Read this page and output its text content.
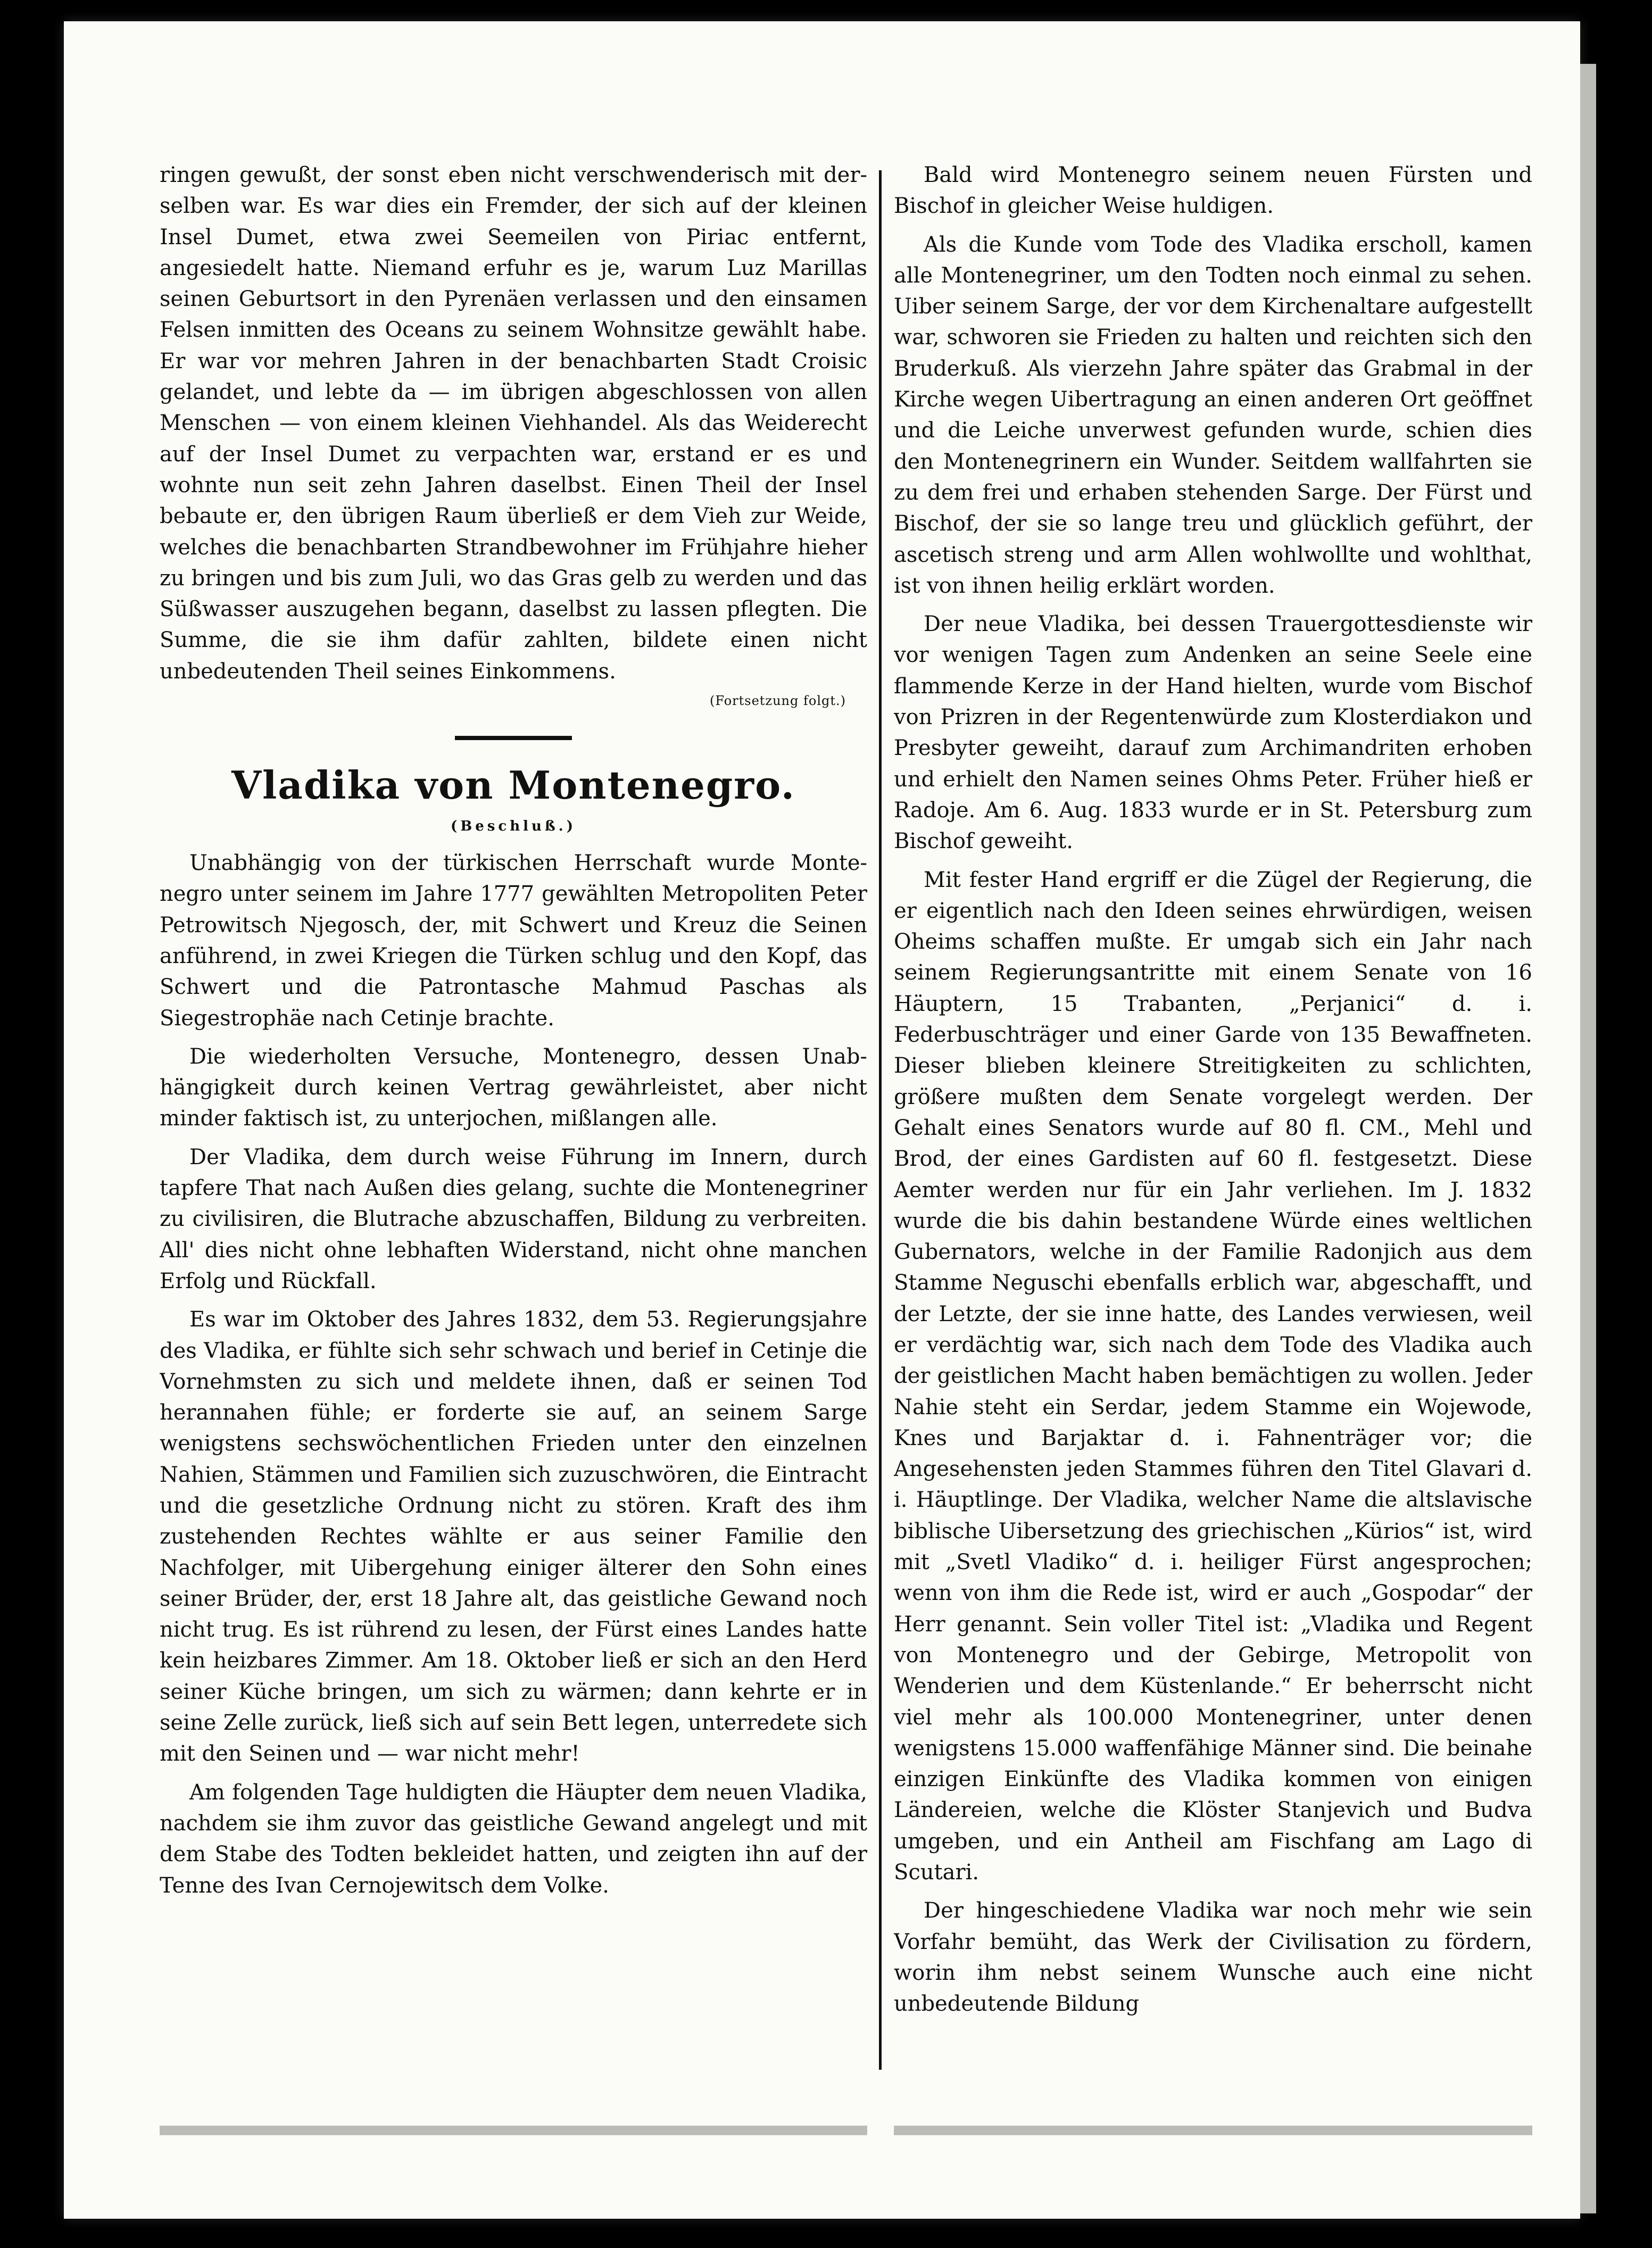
ringen gewußt, der sonst eben nicht verschwenderisch mit derselben war. Es war dies ein Fremder, der sich auf der kleinen Insel Dumet, etwa zwei Seemeilen von Piriac entfernt, angesiedelt hatte. Niemand erfuhr es je, warum Luz Marillas seinen Geburtsort in den Pyrenäen verlassen und den einsamen Felsen inmitten des Oceans zu seinem Wohnsitze gewählt habe. Er war vor mehren Jahren in der benachbarten Stadt Croisic gelandet, und lebte da — im übrigen abgeschlossen von allen Menschen — von einem kleinen Viehhandel. Als das Weiderecht auf der Insel Dumet zu verpachten war, erstand er es und wohnte nun seit zehn Jahren daselbst. Einen Theil der Insel bebaute er, den übrigen Raum überließ er dem Vieh zur Weide, welches die benachbarten Strandbewohner im Frühjahre hieher zu bringen und bis zum Juli, wo das Gras gelb zu werden und das Süßwasser auszugehen begann, daselbst zu lassen pflegten. Die Summe, die sie ihm dafür zahlten, bildete einen nicht unbedeutenden Theil seines Einkommens.

(Fortsetzung folgt.)
Vladika von Montenegro.
(Beschluß.)

Unabhängig von der türkischen Herrschaft wurde Montenegro unter seinem im Jahre 1777 gewählten Metropoliten Peter Petrowitsch Njegosch, der, mit Schwert und Kreuz die Seinen anführend, in zwei Kriegen die Türken schlug und den Kopf, das Schwert und die Patrontasche Mahmud Paschas als Siegestrophäe nach Cetinje brachte.

Die wiederholten Versuche, Montenegro, dessen Unabhängigkeit durch keinen Vertrag gewährleistet, aber nicht minder faktisch ist, zu unterjochen, mißlangen alle.

Der Vladika, dem durch weise Führung im Innern, durch tapfere That nach Außen dies gelang, suchte die Montenegriner zu civilisiren, die Blutrache abzuschaffen, Bildung zu verbreiten. All' dies nicht ohne lebhaften Widerstand, nicht ohne manchen Erfolg und Rückfall.

Es war im Oktober des Jahres 1832, dem 53. Regierungsjahre des Vladika, er fühlte sich sehr schwach und berief in Cetinje die Vornehmsten zu sich und meldete ihnen, daß er seinen Tod herannahen fühle; er forderte sie auf, an seinem Sarge wenigstens sechswöchentlichen Frieden unter den einzelnen Nahien, Stämmen und Familien sich zuzuschwören, die Eintracht und die gesetzliche Ordnung nicht zu stören. Kraft des ihm zustehenden Rechtes wählte er aus seiner Familie den Nachfolger, mit Uibergehung einiger älterer den Sohn eines seiner Brüder, der, erst 18 Jahre alt, das geistliche Gewand noch nicht trug. Es ist rührend zu lesen, der Fürst eines Landes hatte kein heizbares Zimmer. Am 18. Oktober ließ er sich an den Herd seiner Küche bringen, um sich zu wärmen; dann kehrte er in seine Zelle zurück, ließ sich auf sein Bett legen, unterredete sich mit den Seinen und — war nicht mehr!

Am folgenden Tage huldigten die Häupter dem neuen Vladika, nachdem sie ihm zuvor das geistliche Gewand angelegt und mit dem Stabe des Todten bekleidet hatten, und zeigten ihn auf der Tenne des Ivan Cernojewitsch dem Volke.

Bald wird Montenegro seinem neuen Fürsten und Bischof in gleicher Weise huldigen.

Als die Kunde vom Tode des Vladika erscholl, kamen alle Montenegriner, um den Todten noch einmal zu sehen. Uiber seinem Sarge, der vor dem Kirchenaltare aufgestellt war, schworen sie Frieden zu halten und reichten sich den Bruderkuß. Als vierzehn Jahre später das Grabmal in der Kirche wegen Uibertragung an einen anderen Ort geöffnet und die Leiche unverwest gefunden wurde, schien dies den Montenegrinern ein Wunder. Seitdem wallfahrten sie zu dem frei und erhaben stehenden Sarge. Der Fürst und Bischof, der sie so lange treu und glücklich geführt, der ascetisch streng und arm Allen wohlwollte und wohlthat, ist von ihnen heilig erklärt worden.

Der neue Vladika, bei dessen Trauergottesdienste wir vor wenigen Tagen zum Andenken an seine Seele eine flammende Kerze in der Hand hielten, wurde vom Bischof von Prizren in der Regentenwürde zum Klosterdiakon und Presbyter geweiht, darauf zum Archimandriten erhoben und erhielt den Namen seines Ohms Peter. Früher hieß er Radoje. Am 6. Aug. 1833 wurde er in St. Petersburg zum Bischof geweiht.

Mit fester Hand ergriff er die Zügel der Regierung, die er eigentlich nach den Ideen seines ehrwürdigen, weisen Oheims schaffen mußte. Er umgab sich ein Jahr nach seinem Regierungsantritte mit einem Senate von 16 Häuptern, 15 Trabanten, „Perjanici“ d. i. Federbuschträger und einer Garde von 135 Bewaffneten. Dieser blieben kleinere Streitigkeiten zu schlichten, größere mußten dem Senate vorgelegt werden. Der Gehalt eines Senators wurde auf 80 fl. CM., Mehl und Brod, der eines Gardisten auf 60 fl. festgesetzt. Diese Aemter werden nur für ein Jahr verliehen. Im J. 1832 wurde die bis dahin bestandene Würde eines weltlichen Gubernators, welche in der Familie Radonjich aus dem Stamme Neguschi ebenfalls erblich war, abgeschafft, und der Letzte, der sie inne hatte, des Landes verwiesen, weil er verdächtig war, sich nach dem Tode des Vladika auch der geistlichen Macht haben bemächtigen zu wollen. Jeder Nahie steht ein Serdar, jedem Stamme ein Wojewode, Knes und Barjaktar d. i. Fahnenträger vor; die Angesehensten jeden Stammes führen den Titel Glavari d. i. Häuptlinge. Der Vladika, welcher Name die altslavische biblische Uibersetzung des griechischen „Kürios“ ist, wird mit „Svetl Vladiko“ d. i. heiliger Fürst angesprochen; wenn von ihm die Rede ist, wird er auch „Gospodar“ der Herr genannt. Sein voller Titel ist: „Vladika und Regent von Montenegro und der Gebirge, Metropolit von Wenderien und dem Küstenlande.“ Er beherrscht nicht viel mehr als 100.000 Montenegriner, unter denen wenigstens 15.000 waffenfähige Männer sind. Die beinahe einzigen Einkünfte des Vladika kommen von einigen Ländereien, welche die Klöster Stanjevich und Budva umgeben, und ein Antheil am Fischfang am Lago di Scutari.

Der hingeschiedene Vladika war noch mehr wie sein Vorfahr bemüht, das Werk der Civilisation zu fördern, worin ihm nebst seinem Wunsche auch eine nicht unbedeutende Bildung
